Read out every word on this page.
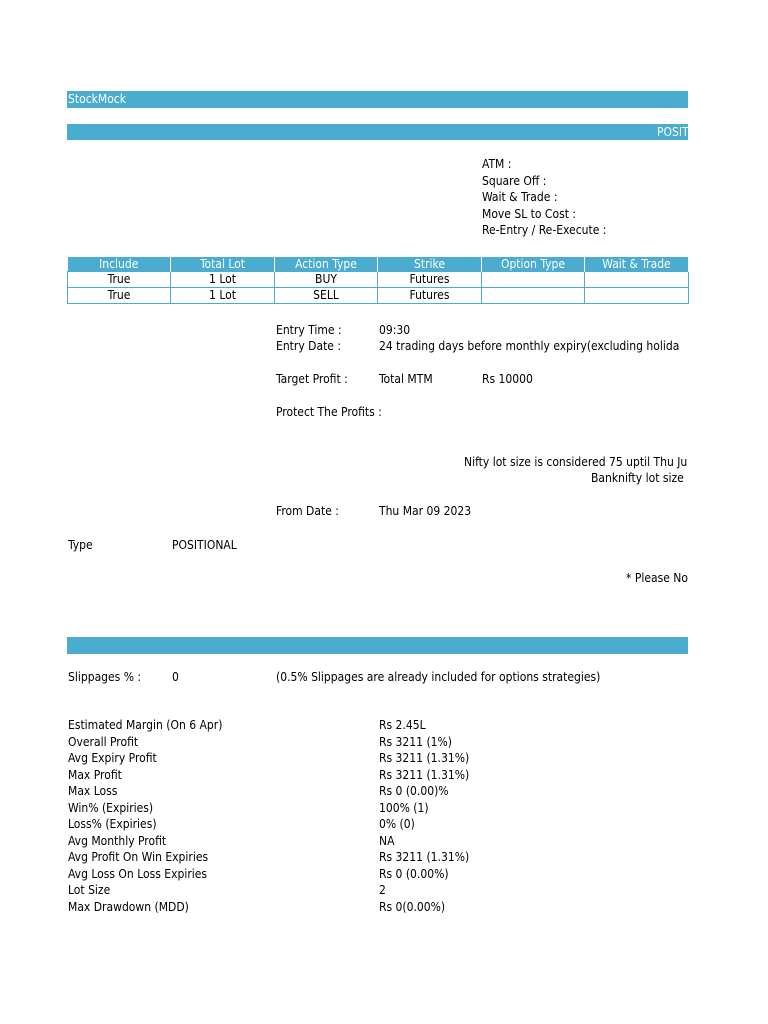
StockMock
POSIT
ATM :
Square Off :
Wait & Trade :
Move SL to Cost :
Re-Entry / Re-Execute :
Include	Total Lot	Action Type	Strike	Option Type	Wait & Trade
True	1 Lot	BUY	Futures		
True	1 Lot	SELL	Futures		
Entry Time :	09:30
Entry Date :	24 trading days before monthly expiry(excluding holida
Target Profit :	Total MTM	Rs 10000
Protect The Profits :
Nifty lot size is considered 75 uptil Thu Ju
Banknifty lot size
From Date :	Thu Mar 09 2023
Type	POSITIONAL
* Please No
Slippages % :	0	(0.5% Slippages are already included for options strategies)
Estimated Margin (On 6 Apr)	Rs 2.45L
Overall Profit	Rs 3211 (1%)
Avg Expiry Profit	Rs 3211 (1.31%)
Max Profit	Rs 3211 (1.31%)
Max Loss	Rs 0 (0.00)%
Win% (Expiries)	100% (1)
Loss% (Expiries)	0% (0)
Avg Monthly Profit	NA
Avg Profit On Win Expiries	Rs 3211 (1.31%)
Avg Loss On Loss Expiries	Rs 0 (0.00%)
Lot Size	2
Max Drawdown (MDD)	Rs 0(0.00%)
